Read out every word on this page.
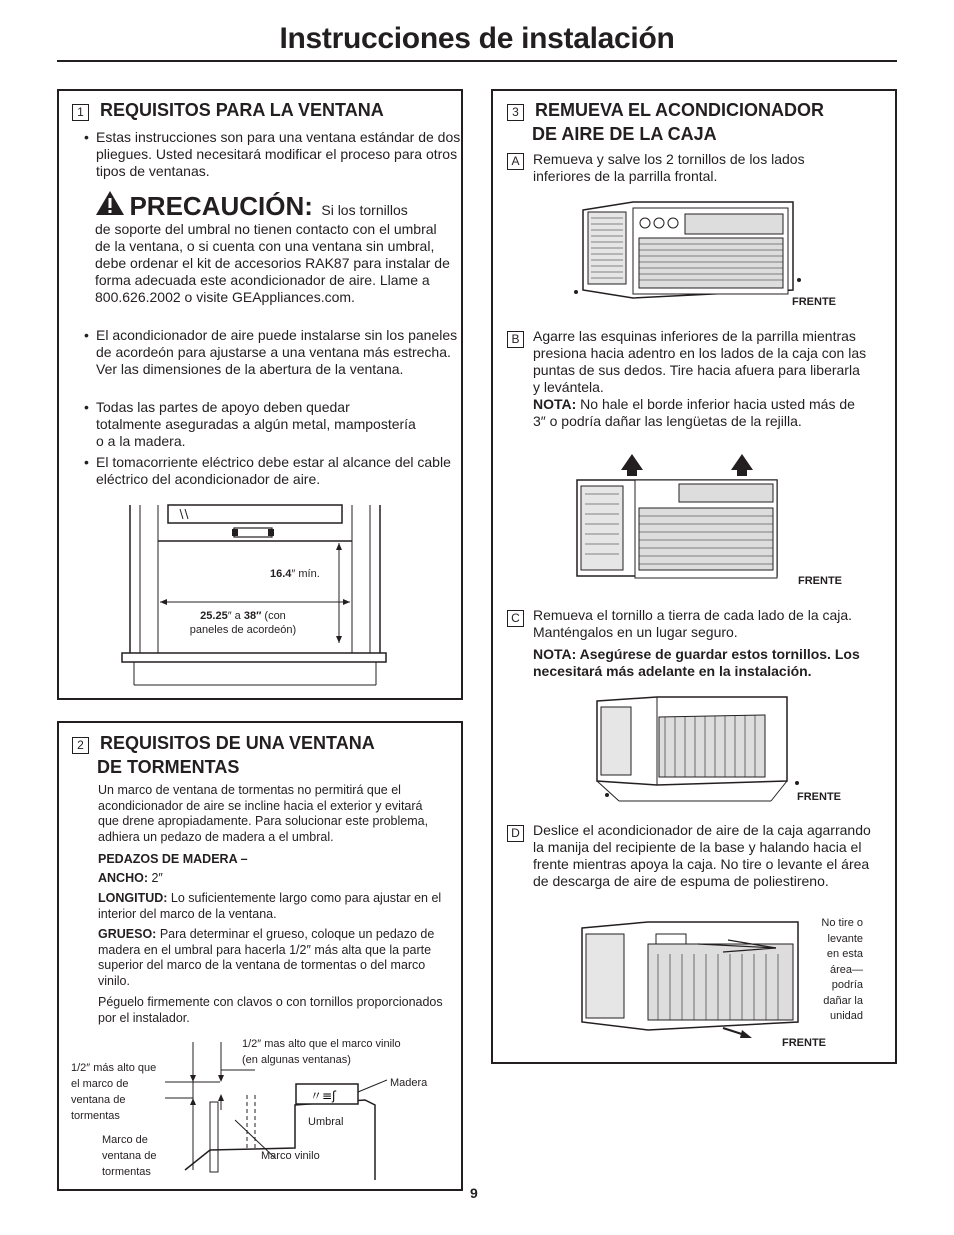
Instrucciones de instalación
1 REQUISITOS PARA LA VENTANA
• Estas instrucciones son para una ventana estándar de dos pliegues. Usted necesitará modificar el proceso para otros tipos de ventanas.
PRECAUCIÓN: Si los tornillos
de soporte del umbral no tienen contacto con el umbral de la ventana, o si cuenta con una ventana sin umbral, debe ordenar el kit de accesorios RAK87 para instalar de forma adecuada este acondicionador de aire. Llame a 800.626.2002 o visite GEAppliances.com.
• El acondicionador de aire puede instalarse sin los paneles de acordeón para ajustarse a una ventana más estrecha. Ver las dimensiones de la abertura de la ventana.
• Todas las partes de apoyo deben quedar totalmente aseguradas a algún metal, mampostería o a la madera.
• El tomacorriente eléctrico debe estar al alcance del cable eléctrico del acondicionador de aire.
16.4″ mín.
25.25″ a 38″ (con
paneles de acordeón)
2 REQUISITOS DE UNA VENTANA
DE TORMENTAS
Un marco de ventana de tormentas no permitirá que el acondicionador de aire se incline hacia el exterior y evitará que drene apropiadamente. Para solucionar este problema, adhiera un pedazo de madera a el umbral.
PEDAZOS DE MADERA –
ANCHO: 2″
LONGITUD: Lo suficientemente largo como para ajustar en el interior del marco de la ventana.
GRUESO: Para determinar el grueso, coloque un pedazo de madera en el umbral para hacerla 1/2″ más alta que la parte superior del marco de la ventana de tormentas o del marco vinilo.
Péguelo firmemente con clavos o con tornillos proporcionados por el instalador.
〃≡ʃ
1/2″ más alto que el marco de ventana de tormentas
1/2″ mas alto que el marco vinilo (en algunas ventanas)
Madera
Umbral
Marco vinilo
Marco de ventana de tormentas
9
3 REMUEVA EL ACONDICIONADOR
DE AIRE DE LA CAJA
A Remueva y salve los 2 tornillos de los lados inferiores de la parrilla frontal.
FRENTE
B Agarre las esquinas inferiores de la parrilla mientras presiona hacia adentro en los lados de la caja con las puntas de sus dedos. Tire hacia afuera para liberarla y levántela.
NOTA: No hale el borde inferior hacia usted más de 3″ o podría dañar las lengüetas de la rejilla.
FRENTE
C Remueva el tornillo a tierra de cada lado de la caja. Manténgalos en un lugar seguro.
NOTA: Asegúrese de guardar estos tornillos. Los necesitará más adelante en la instalación.
FRENTE
D Deslice el acondicionador de aire de la caja agarrando la manija del recipiente de la base y halando hacia el frente mientras apoya la caja. No tire o levante el área de descarga de aire de espuma de poliestireno.
No tire o levante en esta área— podría dañar la unidad
FRENTE
